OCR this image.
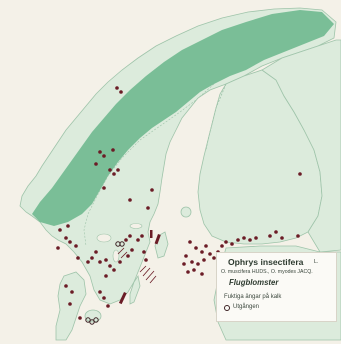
Ophrys insectifera L.
O. muscifera HUDS., O. myodes JACQ.
Flugblomster
Fuktiga ängar på kalk
Utgången
